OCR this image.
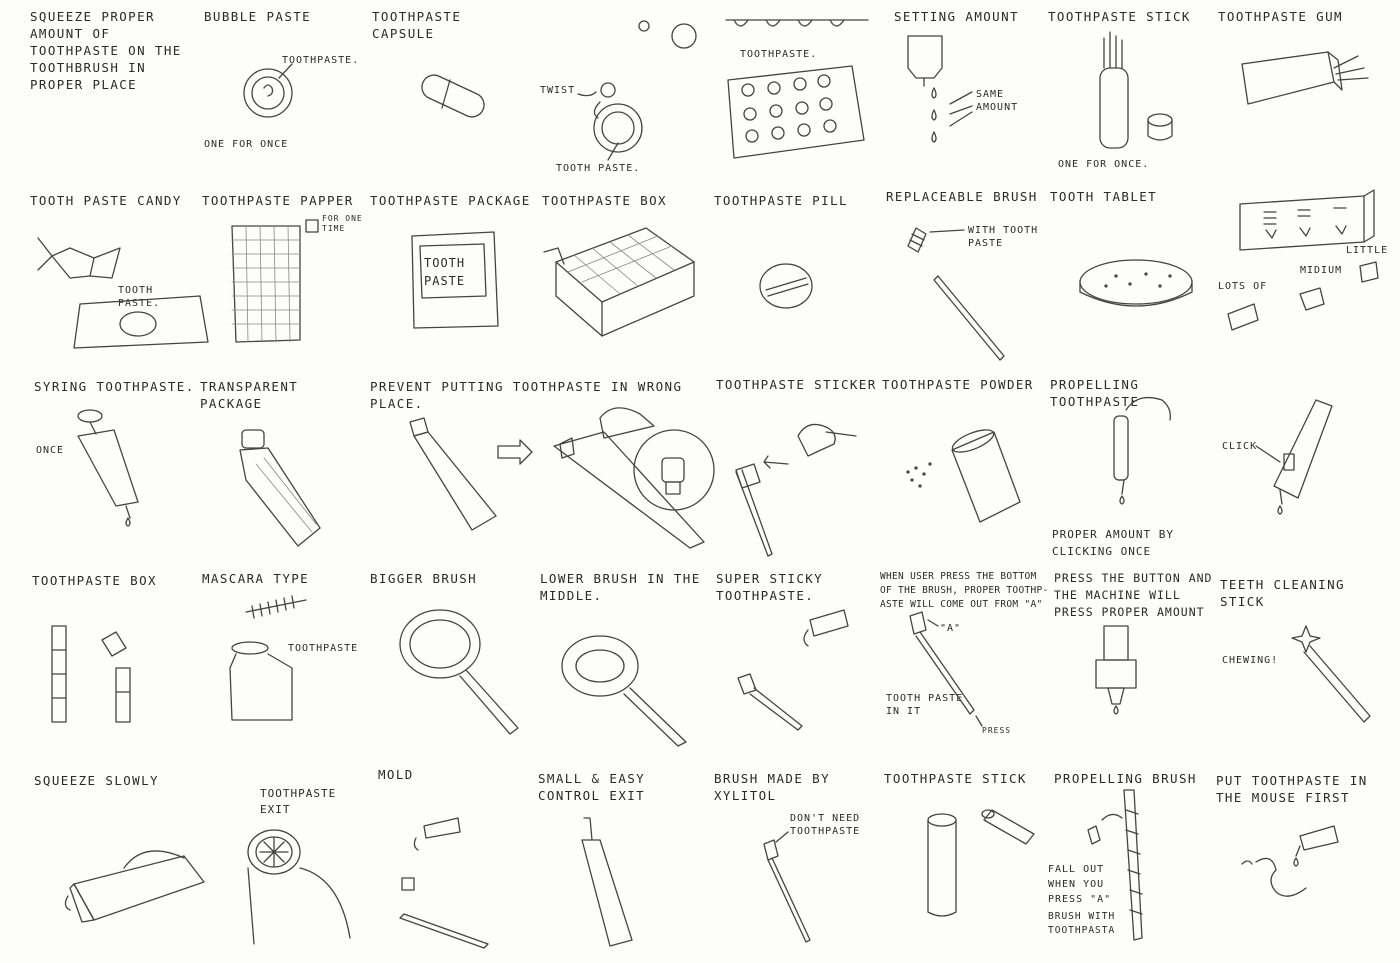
SQUEEZE PROPER AMOUNT OF TOOTHPASTE ON THE TOOTHBRUSH IN PROPER PLACE
BUBBLE PASTE
TOOTHPASTE.
ONE FOR ONCE
TOOTHPASTE CAPSULE
TWIST
TOOTH PASTE.
TOOTHPASTE.
SETTING AMOUNT
SAME AMOUNT
TOOTHPASTE STICK
ONE FOR ONCE.
TOOTHPASTE GUM
TOOTH PASTE CANDY
TOOTH PASTE.
TOOTHPASTE PAPPER
FOR ONE TIME
TOOTHPASTE PACKAGE
TOOTH PASTE
TOOTHPASTE BOX	TOOTHPASTE PILL	REPLACEABLE BRUSH
WITH TOOTH PASTE
TOOTH TABLET
LOTS OF
MIDIUM
LITTLE
SYRING TOOTHPASTE.
ONCE
TRANSPARENT PACKAGE
PREVENT PUTTING TOOTHPASTE IN WRONG PLACE.
TOOTHPASTE STICKER TOOTHPASTE POWDER	PROPELLING TOOTHPASTE
PROPER AMOUNT BY CLICKING ONCE
CLICK
TOOTHPASTE BOX	MASCARA TYPE
TOOTHPASTE
BIGGER BRUSH	LOWER BRUSH IN THE MIDDLE.
SUPER STICKY TOOTHPASTE.
WHEN USER PRESS THE BOTTOM OF THE BRUSH, PROPER TOOTHP-ASTE WILL COME OUT FROM "A"
"A"
TOOTH PASTE IN IT
PRESS
PRESS THE BUTTON AND THE MACHINE WILL PRESS PROPER AMOUNT
TEETH CLEANING STICK
CHEWING!
SQUEEZE SLOWLY
TOOTHPASTE EXIT
MOLD	SMALL & EASY CONTROL EXIT
BRUSH MADE BY XYLITOL
DON'T NEED TOOTHPASTE
TOOTHPASTE STICK	PROPELLING BRUSH
FALL OUT WHEN YOU PRESS "A"
BRUSH WITH TOOTHPASTA
PUT TOOTHPASTE IN THE MOUSE FIRST
